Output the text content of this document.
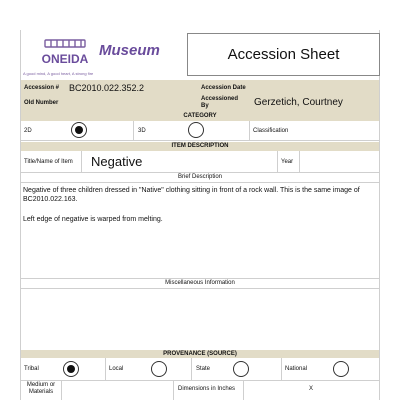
ONEIDA
A good mind, A good heart, A strong fire
Museum	Accession Sheet
Accession # BC2010.022.352.2	Accession Date
Old Number
Accessioned By	Gerzetich, Courtney
CATEGORY
2D	3D	Classification
ITEM DESCRIPTION
Title/Name of Item Negative	Year
Brief Description
Negative of three children dressed in "Native" clothing sitting in front of a rock wall. This is the same image of BC2010.022.163.
Left edge of negative is warped from melting.
Miscellaneous Information
PROVENANCE (SOURCE)
Tribal	Local	State	National
Medium or Materials	Dimensions in Inches	X
